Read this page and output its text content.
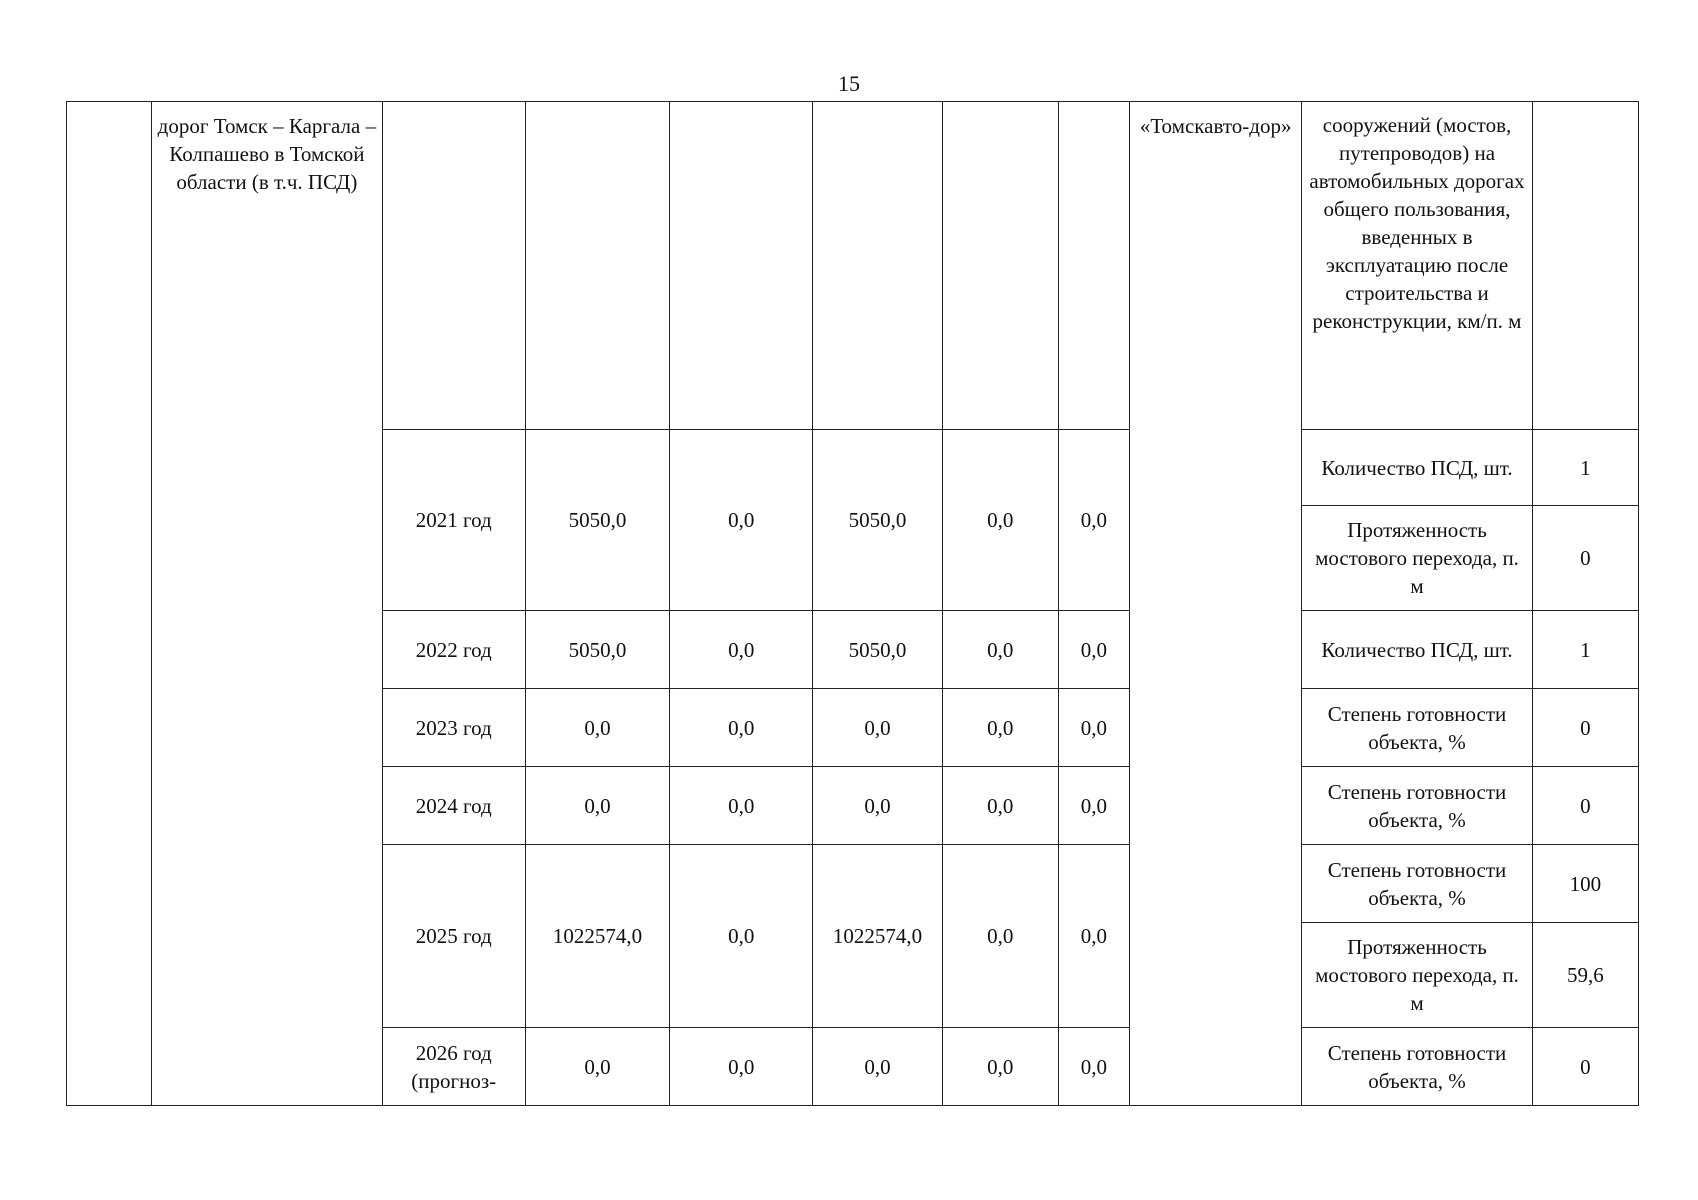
15
	дорог Томск – Каргала – Колпашево в Томской области (в т.ч. ПСД)							«Томскавто-дор»	сооружений (мостов, путепроводов) на автомобильных дорогах общего пользования, введенных в эксплуатацию после строительства и реконструкции, км/п. м	
		2021 год	5050,0	0,0	5050,0	0,0	0,0		Количество ПСД, шт.	1
									Протяженность мостового перехода, п. м	0
		2022 год	5050,0	0,0	5050,0	0,0	0,0		Количество ПСД, шт.	1
		2023 год	0,0	0,0	0,0	0,0	0,0		Степень готовности объекта, %	0
		2024 год	0,0	0,0	0,0	0,0	0,0		Степень готовности объекта, %	0
		2025 год	1022574,0	0,0	1022574,0	0,0	0,0		Степень готовности объекта, %	100
									Протяженность мостового перехода, п. м	59,6
		2026 год (прогноз-	0,0	0,0	0,0	0,0	0,0		Степень готовности объекта, %	0
